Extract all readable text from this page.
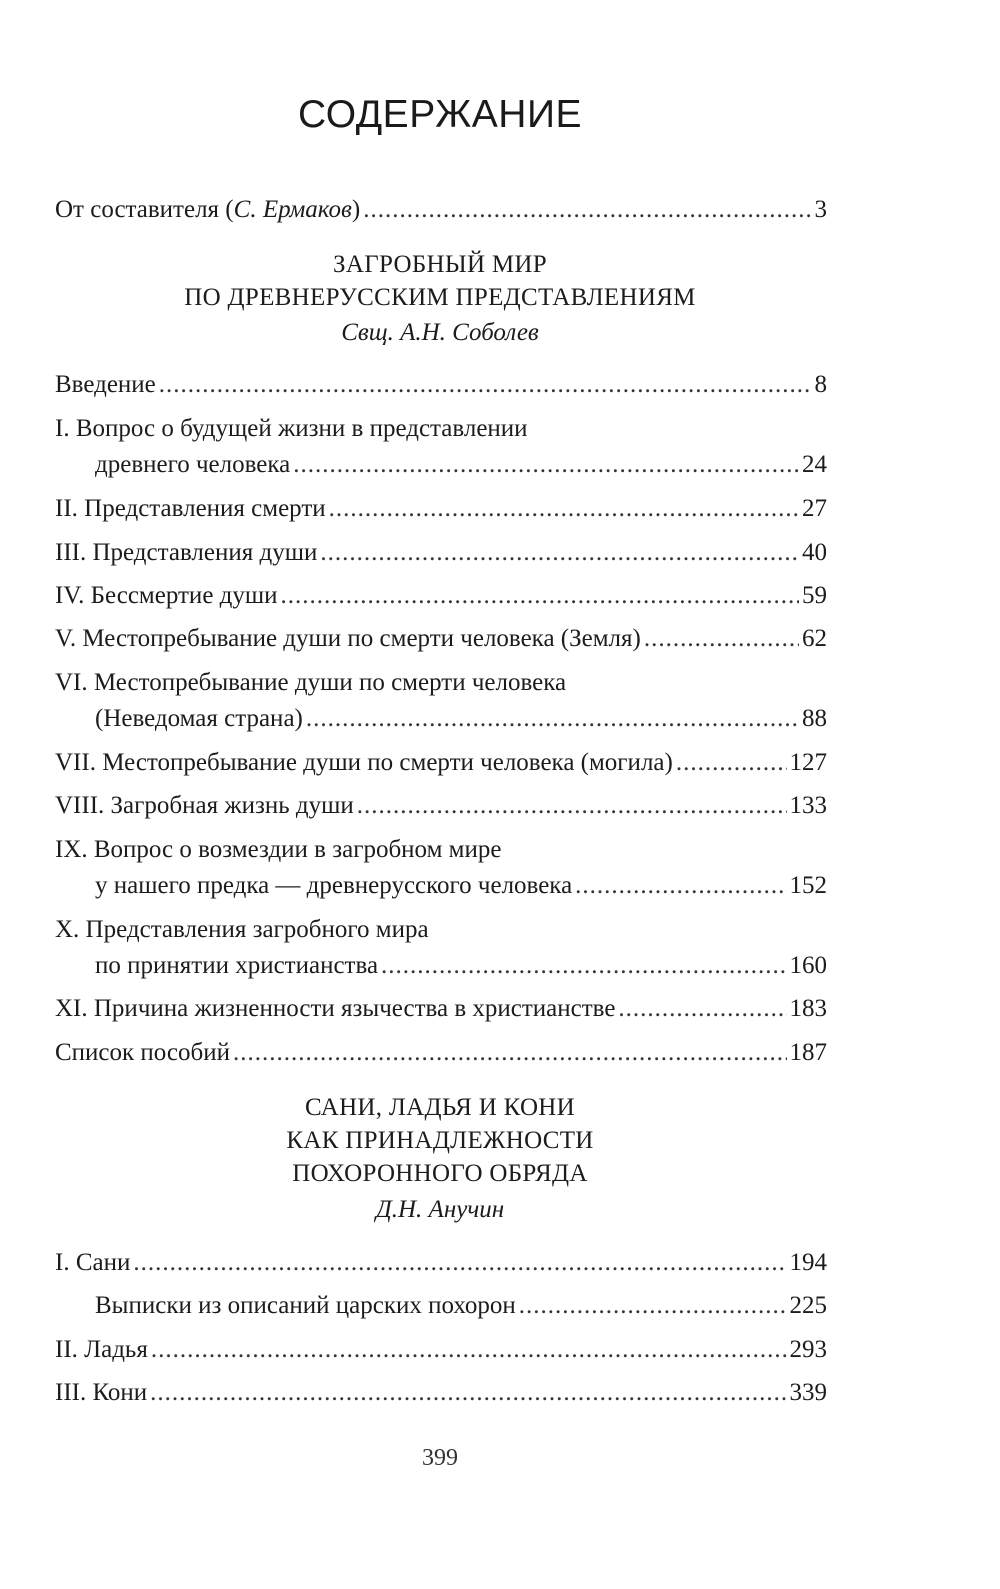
СОДЕРЖАНИЕ
От составителя (С. Ермаков) .....	3
ЗАГРОБНЫЙ МИР
ПО ДРЕВНЕРУССКИМ ПРЕДСТАВЛЕНИЯМ
Свщ. А.Н. Соболев
Введение .....	8
I. Вопрос о будущей жизни в представлении
древнего человека .....	24
II. Представления смерти .....	27
III. Представления души .....	40
IV. Бессмертие души .....	59
V. Местопребывание души по смерти человека (Земля) .....	62
VI. Местопребывание души по смерти человека
(Неведомая страна) .....	88
VII. Местопребывание души по смерти человека (могила) .....	127
VIII. Загробная жизнь души .....	133
IX. Вопрос о возмездии в загробном мире
у нашего предка — древнерусского человека .....	152
X. Представления загробного мира
по принятии христианства .....	160
XI. Причина жизненности язычества в христианстве .....	183
Список пособий .....	187
САНИ, ЛАДЬЯ И КОНИ
КАК ПРИНАДЛЕЖНОСТИ
ПОХОРОННОГО ОБРЯДА
Д.Н. Анучин
I. Сани .....	194
Выписки из описаний царских похорон .....	225
II. Ладья .....	293
III. Кони .....	339
399
